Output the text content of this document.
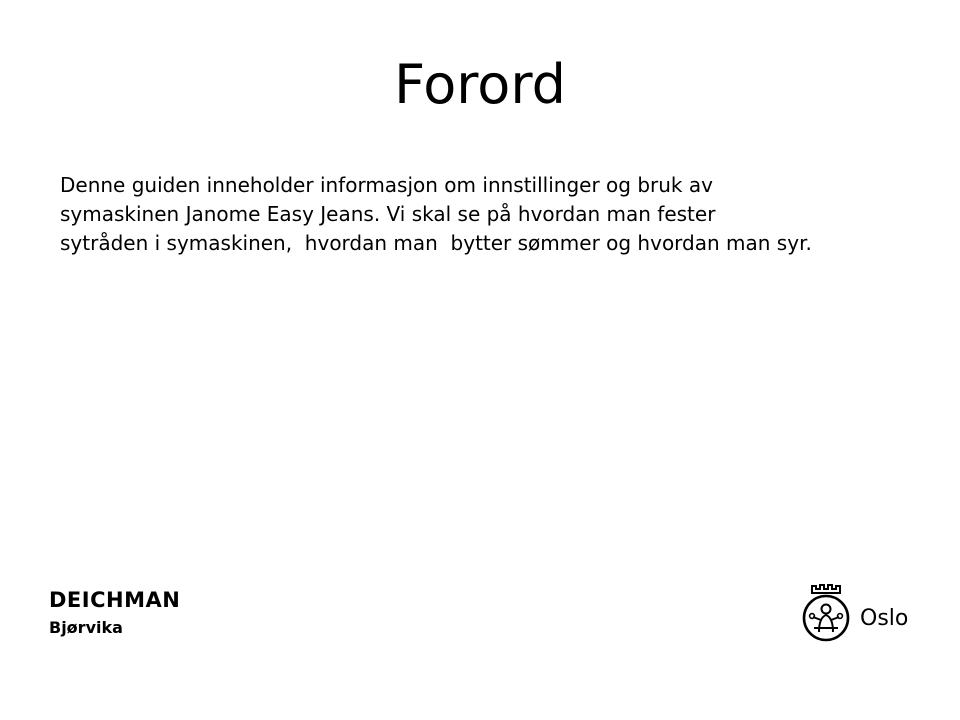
Forord

Denne guiden inneholder informasjon om innstillinger og bruk av
symaskinen Janome Easy Jeans. Vi skal se på hvordan man fester
sytråden i symaskinen,  hvordan man  bytter sømmer og hvordan man syr.

DEICHMAN
Bjørvika	Oslo
